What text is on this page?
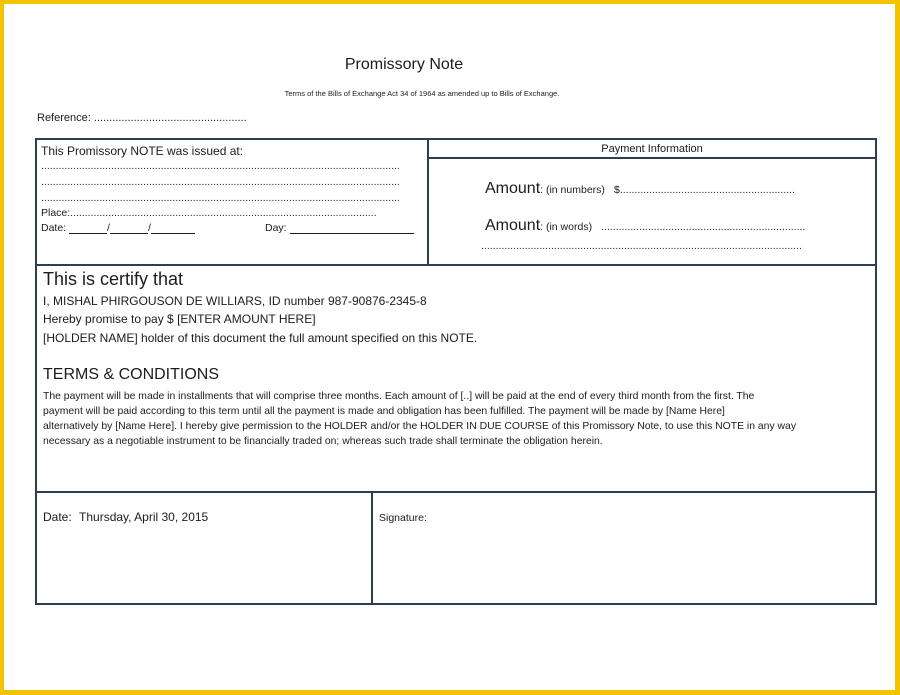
Promissory Note
Terms of the Bills of Exchange Act 34 of 1964 as amended up to Bills of Exchange.
Reference: ..................................................
This Promissory NOTE was issued at:
...........................................................................................................................
...........................................................................................................................
...........................................................................................................................
Place:.........................................................................................................
Date:	/	/	Day:
Payment Information
Amount: (in numbers) $............................................................
Amount: (in words) ......................................................................
..............................................................................................................
This is certify that
I, MISHAL PHIRGOUSON DE WILLIARS, ID number 987-90876-2345-8
Hereby promise to pay $ [ENTER AMOUNT HERE]
[HOLDER NAME] holder of this document the full amount specified on this NOTE.
TERMS & CONDITIONS
The payment will be made in installments that will comprise three months. Each amount of [..] will be paid at the end of every third month from the first. The
payment will be paid according to this term until all the payment is made and obligation has been fulfilled. The payment will be made by [Name Here]
alternatively by [Name Here]. I hereby give permission to the HOLDER and/or the HOLDER IN DUE COURSE of this Promissory Note, to use this NOTE in any way
necessary as a negotiable instrument to be financially traded on; whereas such trade shall terminate the obligation herein.
Date: Thursday, April 30, 2015	Signature:
